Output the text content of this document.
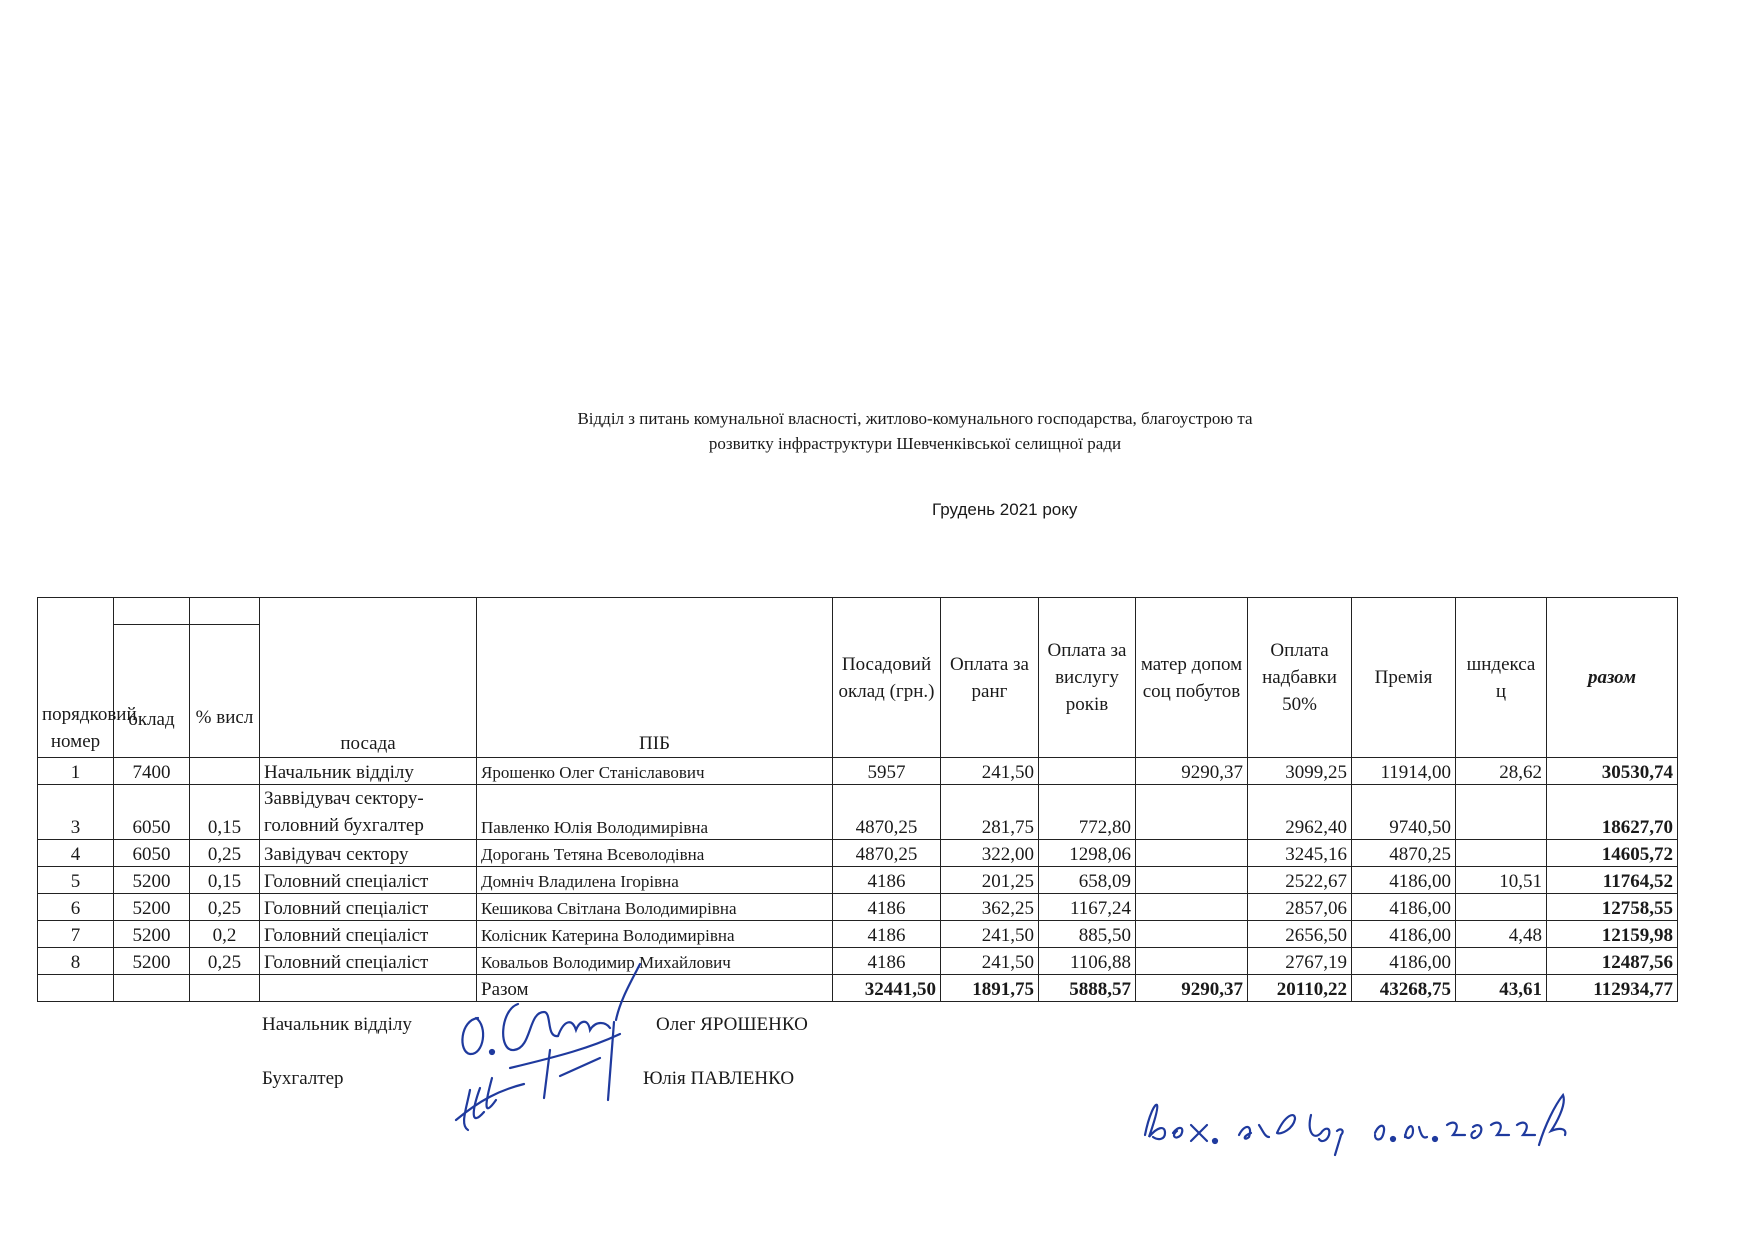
Відділ з питань комунальної власності, житлово-комунального господарства, благоустрою та
розвитку інфраструктури Шевченківської селищної ради
Грудень 2021 року
порядковий номер			посада	ПІБ	Посадовий оклад (грн.)	Оплата за ранг	Оплата за вислугу років	матер допом соц побутов	Оплата надбавки 50%	Премія	шндекса ц	разом
	оклад	% висл										
1	7400		Начальник відділу	Ярошенко Олег Станіславович	5957	241,50		9290,37	3099,25	11914,00	28,62	30530,74
3	6050	0,15	Заввідувач сектору-головний бухгалтер	Павленко Юлія Володимирівна	4870,25	281,75	772,80		2962,40	9740,50		18627,70
4	6050	0,25	Завідувач сектору	Дорогань Тетяна Всеволодівна	4870,25	322,00	1298,06		3245,16	4870,25		14605,72
5	5200	0,15	Головний спеціаліст	Домніч Владилена Ігорівна	4186	201,25	658,09		2522,67	4186,00	10,51	11764,52
6	5200	0,25	Головний спеціаліст	Кешикова Світлана Володимирівна	4186	362,25	1167,24		2857,06	4186,00		12758,55
7	5200	0,2	Головний спеціаліст	Колісник Катерина Володимирівна	4186	241,50	885,50		2656,50	4186,00	4,48	12159,98
8	5200	0,25	Головний спеціаліст	Ковальов Володимир Михайлович	4186	241,50	1106,88		2767,19	4186,00		12487,56
				Разом	32441,50	1891,75	5888,57	9290,37	20110,22	43268,75	43,61	112934,77
Начальник відділу	Олег ЯРОШЕНКО
Бухгалтер	Юлія ПАВЛЕНКО
